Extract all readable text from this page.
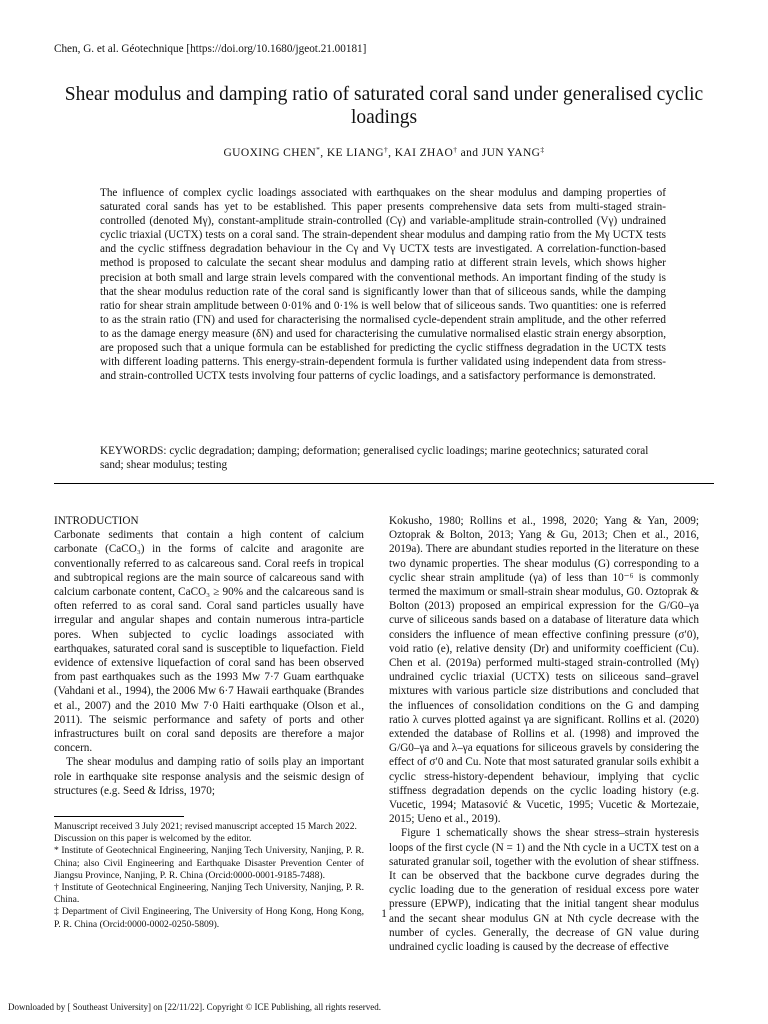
Chen, G. et al. Géotechnique [https://doi.org/10.1680/jgeot.21.00181]
Shear modulus and damping ratio of saturated coral sand under generalised cyclic loadings
GUOXING CHEN*, KE LIANG†, KAI ZHAO† and JUN YANG‡

The influence of complex cyclic loadings associated with earthquakes on the shear modulus and damping properties of saturated coral sands has yet to be established. This paper presents comprehensive data sets from multi-staged strain-controlled (denoted Mγ), constant-amplitude strain-controlled (Cγ) and variable-amplitude strain-controlled (Vγ) undrained cyclic triaxial (UCTX) tests on a coral sand. The strain-dependent shear modulus and damping ratio from the Mγ UCTX tests and the cyclic stiffness degradation behaviour in the Cγ and Vγ UCTX tests are investigated. A correlation-function-based method is proposed to calculate the secant shear modulus and damping ratio at different strain levels, which shows higher precision at both small and large strain levels compared with the conventional methods. An important finding of the study is that the shear modulus reduction rate of the coral sand is significantly lower than that of siliceous sands, while the damping ratio for shear strain amplitude between 0·01% and 0·1% is well below that of siliceous sands. Two quantities: one is referred to as the strain ratio (ΓN) and used for characterising the normalised cycle-dependent strain amplitude, and the other referred to as the damage energy measure (δN) and used for characterising the cumulative normalised elastic strain energy absorption, are proposed such that a unique formula can be established for predicting the cyclic stiffness degradation in the UCTX tests with different loading patterns. This energy-strain-dependent formula is further validated using independent data from stress- and strain-controlled UCTX tests involving four patterns of cyclic loadings, and a satisfactory performance is demonstrated.

KEYWORDS: cyclic degradation; damping; deformation; generalised cyclic loadings; marine geotechnics; saturated coral sand; shear modulus; testing

INTRODUCTION

Carbonate sediments that contain a high content of calcium carbonate (CaCO₃) in the forms of calcite and aragonite are conventionally referred to as calcareous sand. Coral reefs in tropical and subtropical regions are the main source of calcareous sand with calcium carbonate content, CaCO₃ ≥ 90% and the calcareous sand is often referred to as coral sand. Coral sand particles usually have irregular and angular shapes and contain numerous intra-particle pores. When subjected to cyclic loadings associated with earthquakes, saturated coral sand is susceptible to liquefaction. Field evidence of extensive liquefaction of coral sand has been observed from past earthquakes such as the 1993 Mw 7·7 Guam earthquake (Vahdani et al., 1994), the 2006 Mw 6·7 Hawaii earthquake (Brandes et al., 2007) and the 2010 Mw 7·0 Haiti earthquake (Olson et al., 2011). The seismic performance and safety of ports and other infrastructures built on coral sand deposits are therefore a major concern.

The shear modulus and damping ratio of soils play an important role in earthquake site response analysis and the seismic design of structures (e.g. Seed & Idriss, 1970;

Kokusho, 1980; Rollins et al., 1998, 2020; Yang & Yan, 2009; Oztoprak & Bolton, 2013; Yang & Gu, 2013; Chen et al., 2016, 2019a). There are abundant studies reported in the literature on these two dynamic properties. The shear modulus (G) corresponding to a cyclic shear strain amplitude (γa) of less than 10⁻⁶ is commonly termed the maximum or small-strain shear modulus, G0. Oztoprak & Bolton (2013) proposed an empirical expression for the G/G0–γa curve of siliceous sands based on a database of literature data which considers the influence of mean effective confining pressure (σ′0), void ratio (e), relative density (Dr) and uniformity coefficient (Cu). Chen et al. (2019a) performed multi-staged strain-controlled (Mγ) undrained cyclic triaxial (UCTX) tests on siliceous sand–gravel mixtures with various particle size distributions and concluded that the influences of consolidation conditions on the G and damping ratio λ curves plotted against γa are significant. Rollins et al. (2020) extended the database of Rollins et al. (1998) and improved the G/G0–γa and λ–γa equations for siliceous gravels by considering the effect of σ′0 and Cu. Note that most saturated granular soils exhibit a cyclic stress-history-dependent behaviour, implying that cyclic stiffness degradation depends on the cyclic loading history (e.g. Vucetic, 1994; Matasović & Vucetic, 1995; Vucetic & Mortezaie, 2015; Ueno et al., 2019).

Figure 1 schematically shows the shear stress–strain hysteresis loops of the first cycle (N = 1) and the Nth cycle in a UCTX test on a saturated granular soil, together with the evolution of shear stiffness. It can be observed that the backbone curve degrades during the cyclic loading due to the generation of residual excess pore water pressure (EPWP), indicating that the initial tangent shear modulus and the secant shear modulus GN at Nth cycle decrease with the number of cycles. Generally, the decrease of GN value during undrained cyclic loading is caused by the decrease of effective

Manuscript received 3 July 2021; revised manuscript accepted 15 March 2022.

Discussion on this paper is welcomed by the editor.

* Institute of Geotechnical Engineering, Nanjing Tech University, Nanjing, P. R. China; also Civil Engineering and Earthquake Disaster Prevention Center of Jiangsu Province, Nanjing, P. R. China (Orcid:0000-0001-9185-7488).

† Institute of Geotechnical Engineering, Nanjing Tech University, Nanjing, P. R. China.

‡ Department of Civil Engineering, The University of Hong Kong, Hong Kong, P. R. China (Orcid:0000-0002-0250-5809).

1
Downloaded by [ Southeast University] on [22/11/22]. Copyright © ICE Publishing, all rights reserved.
